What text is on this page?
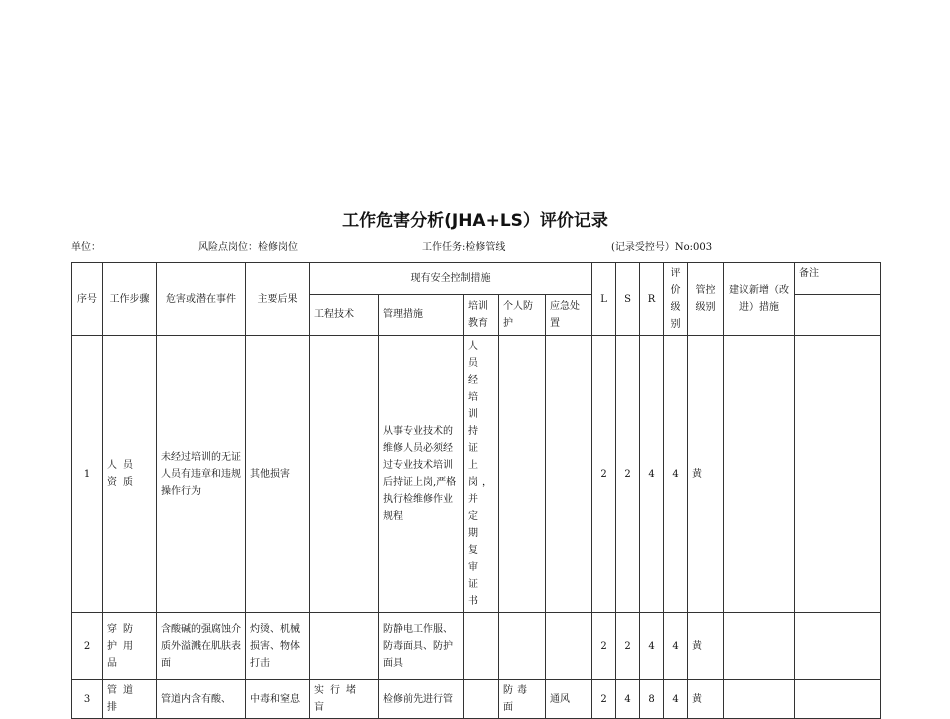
工作危害分析(JHA+LS）评价记录
单位：	风险点岗位：检修岗位	工作任务:检修管线	(记录受控号）No:003
序号	工作步骤	危害或潜在事件	主要后果	现有安全控制措施					L	S	R	评价级别	管控级别	建议新增（改进）措施	备注
				工程技术	管理措施	培训教育	个人防护	应急处置							
1	人员资质	未经过培训的无证人员有违章和违规操作行为	其他损害		从事专业技术的维修人员必须经过专业技术培训后持证上岗,严格执行检维修作业规程	人员经培训持证上岗，并定期复审证书			2	2	4	4	黄		
2	穿防护用品	含酸碱的强腐蚀介质外溢溅在肌肤表面	灼烫、机械损害、物体打击		防静电工作服、防毒面具、防护面具				2	2	4	4	黄		
3	管道排	管道内含有酸、	中毒和窒息	实行堵盲	检修前先进行管		防毒面	通风	2	4	8	4	黄		
